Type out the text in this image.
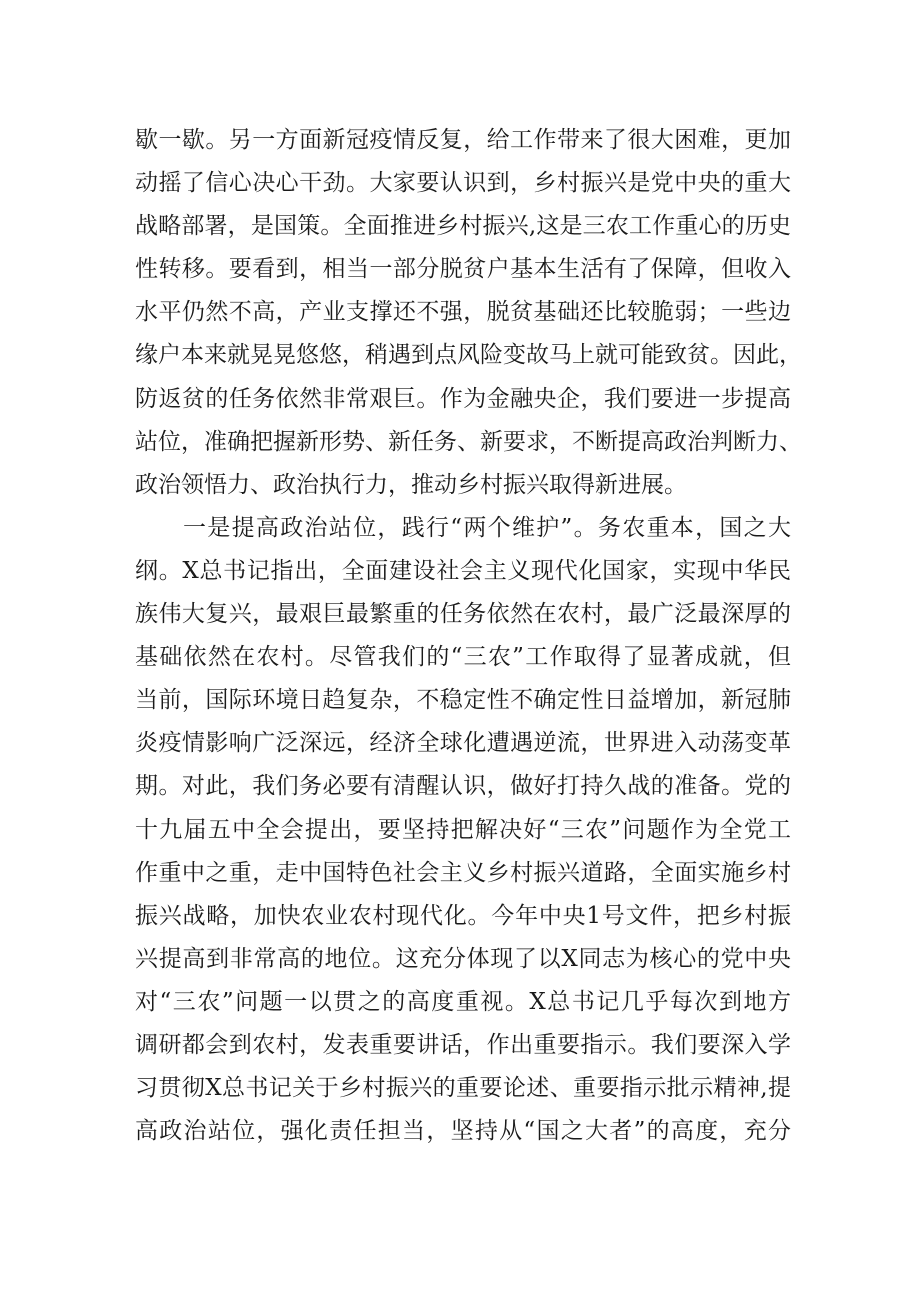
歇一歇。另一方面新冠疫情反复，给工作带来了很大困难，更加
动摇了信心决心干劲。大家要认识到，乡村振兴是党中央的重大
战略部署，是国策。全面推进乡村振兴,这是三农工作重心的历史
性转移。要看到，相当一部分脱贫户基本生活有了保障，但收入
水平仍然不高，产业支撑还不强，脱贫基础还比较脆弱；一些边
缘户本来就晃晃悠悠，稍遇到点风险变故马上就可能致贫。因此，
防返贫的任务依然非常艰巨。作为金融央企，我们要进一步提高
站位，准确把握新形势、新任务、新要求，不断提高政治判断力、
政治领悟力、政治执行力，推动乡村振兴取得新进展。
一是提高政治站位，践行“两个维护”。务农重本，国之大
纲。X总书记指出，全面建设社会主义现代化国家，实现中华民
族伟大复兴，最艰巨最繁重的任务依然在农村，最广泛最深厚的
基础依然在农村。尽管我们的“三农”工作取得了显著成就，但
当前，国际环境日趋复杂，不稳定性不确定性日益增加，新冠肺
炎疫情影响广泛深远，经济全球化遭遇逆流，世界进入动荡变革
期。对此，我们务必要有清醒认识，做好打持久战的准备。党的
十九届五中全会提出，要坚持把解决好“三农”问题作为全党工
作重中之重，走中国特色社会主义乡村振兴道路，全面实施乡村
振兴战略，加快农业农村现代化。今年中央1号文件，把乡村振
兴提高到非常高的地位。这充分体现了以X同志为核心的党中央
对“三农”问题一以贯之的高度重视。X总书记几乎每次到地方
调研都会到农村，发表重要讲话，作出重要指示。我们要深入学
习贯彻X总书记关于乡村振兴的重要论述、重要指示批示精神,提
高政治站位，强化责任担当，坚持从“国之大者”的高度，充分
